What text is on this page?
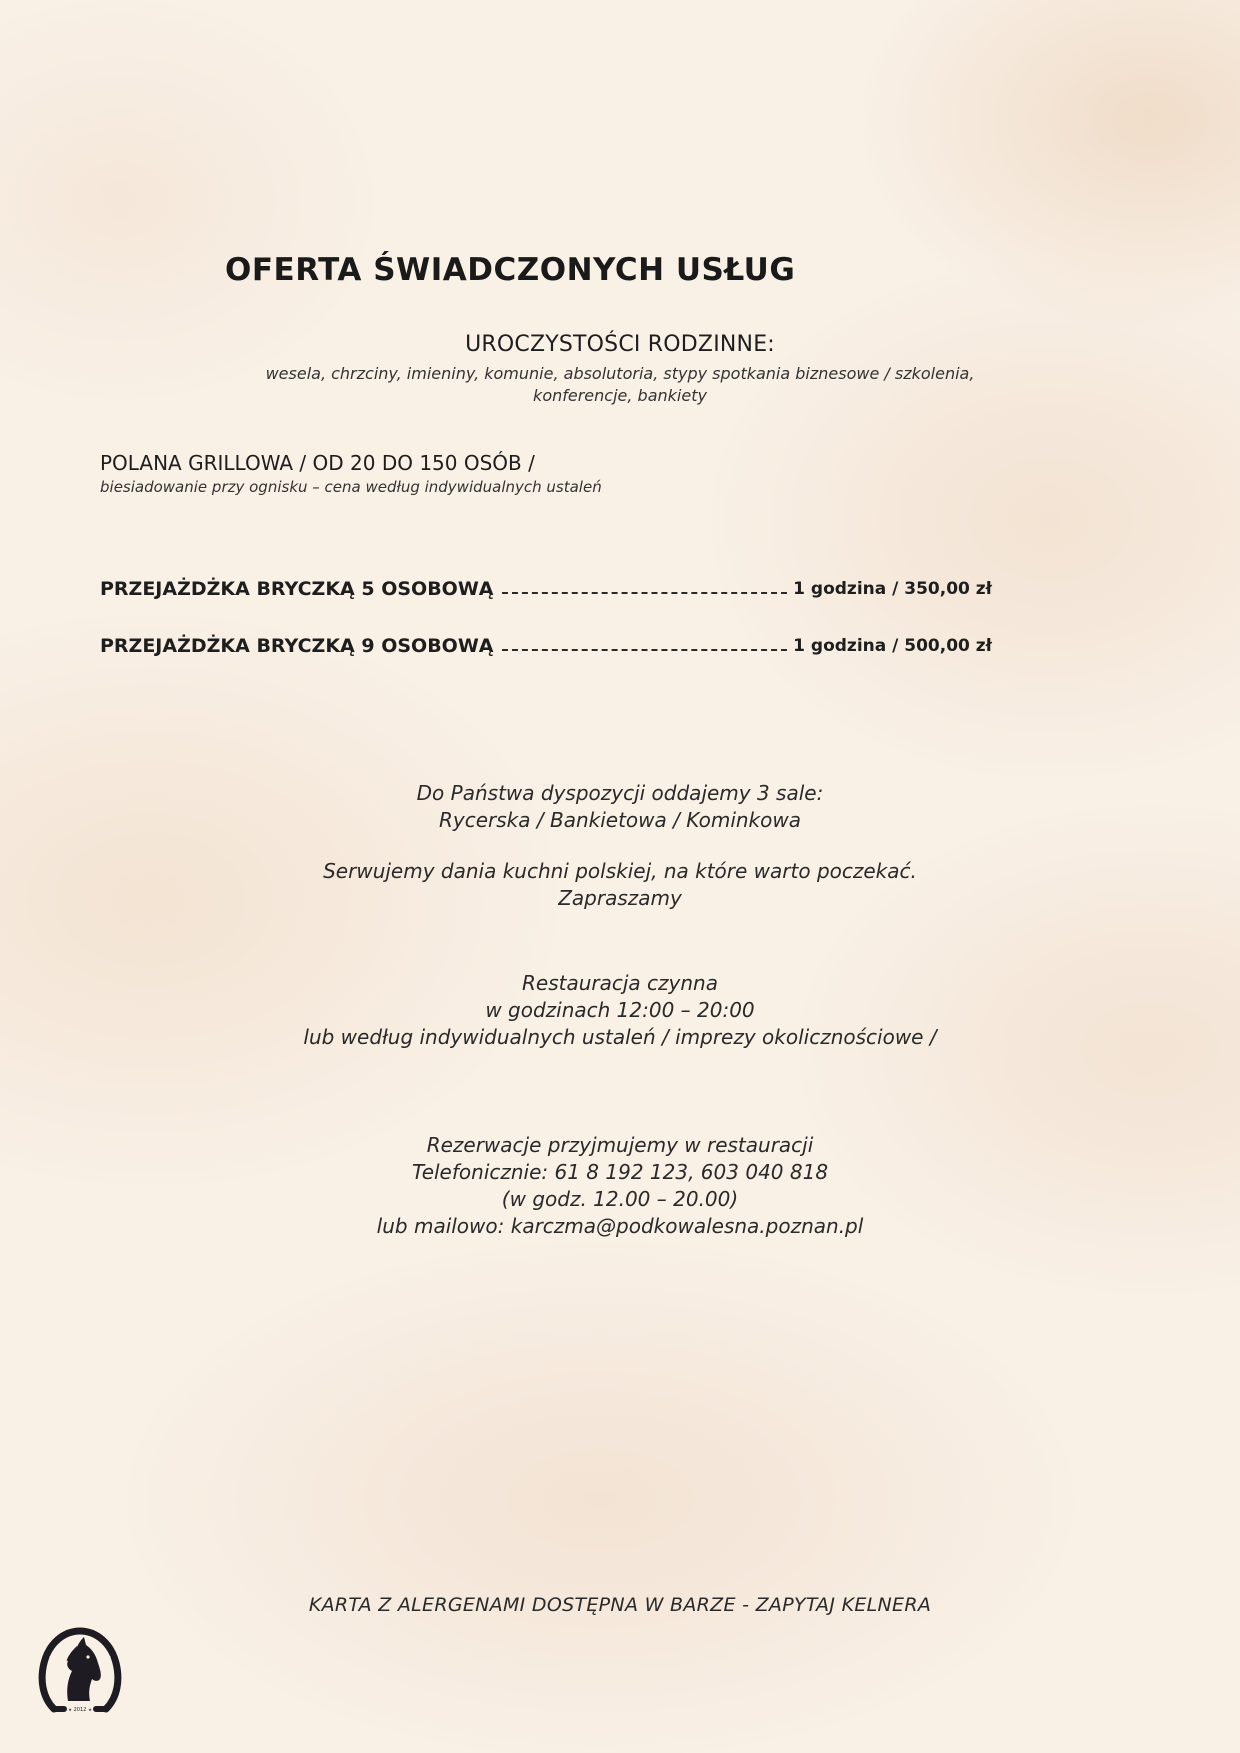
OFERTA ŚWIADCZONYCH USŁUG
UROCZYSTOŚCI RODZINNE:
wesela, chrzciny, imieniny, komunie, absolutoria, stypy spotkania biznesowe / szkolenia,
konferencje, bankiety
POLANA GRILLOWA / OD 20 DO 150 OSÓB /
biesiadowanie przy ognisku – cena według indywidualnych ustaleń
PRZEJAŻDŻKA BRYCZKĄ 5 OSOBOWĄ	1 godzina / 350,00 zł
PRZEJAŻDŻKA BRYCZKĄ 9 OSOBOWĄ	1 godzina / 500,00 zł
Do Państwa dyspozycji oddajemy 3 sale:
Rycerska / Bankietowa / Kominkowa
Serwujemy dania kuchni polskiej, na które warto poczekać.
Zapraszamy
Restauracja czynna
w godzinach 12:00 – 20:00
lub według indywidualnych ustaleń / imprezy okolicznościowe /
Rezerwacje przyjmujemy w restauracji
Telefonicznie: 61 8 192 123, 603 040 818
(w godz. 12.00 – 20.00)
lub mailowo: karczma@podkowalesna.poznan.pl
KARTA Z ALERGENAMI DOSTĘPNA W BARZE - ZAPYTAJ KELNERA
2012
★	★
